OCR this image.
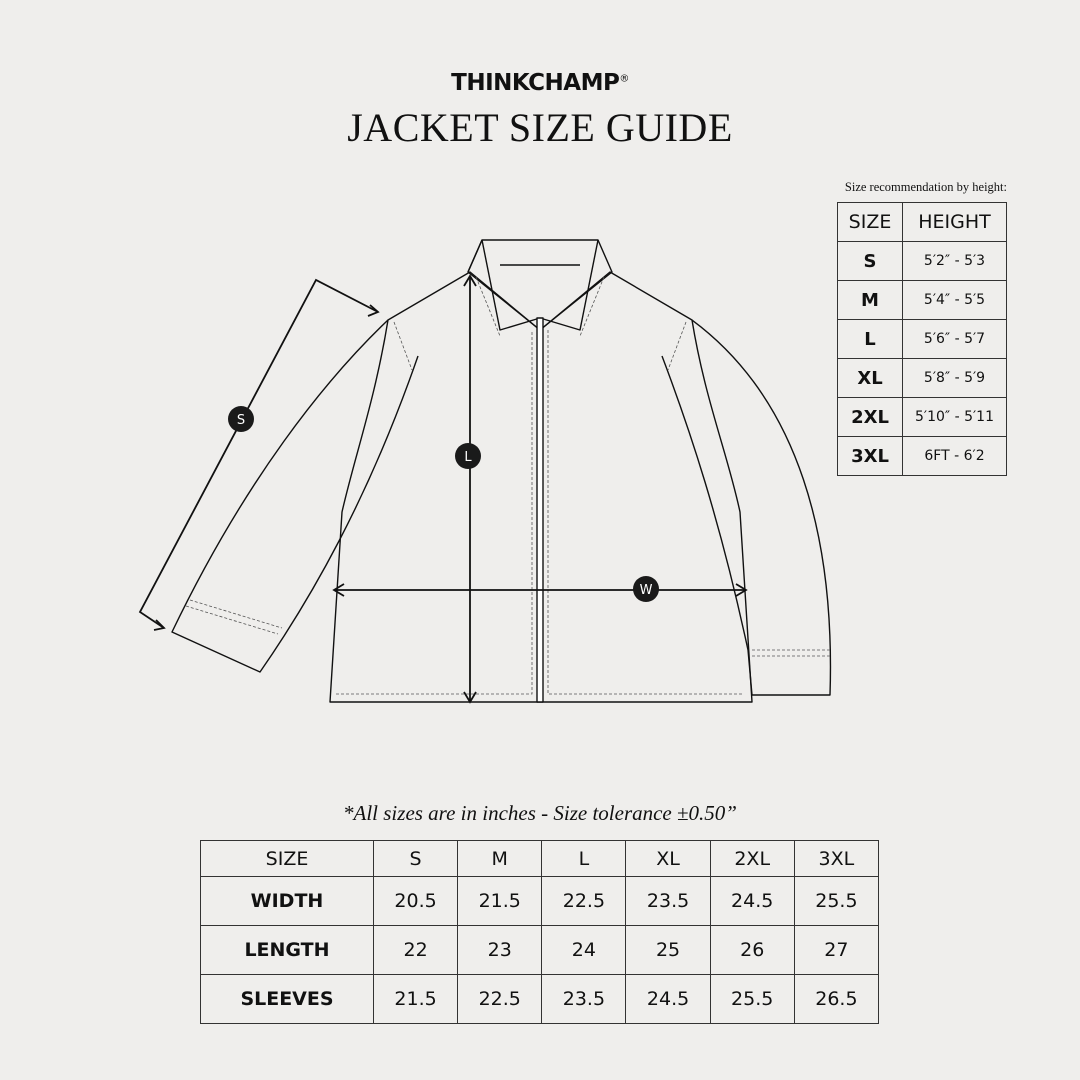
THINKCHAMP®
JACKET SIZE GUIDE
Size recommendation by height:
SIZE	HEIGHT
S	5′2″ - 5′3
M	5′4″ - 5′5
L	5′6″ - 5′7
XL	5′8″ - 5′9
2XL	5′10″ - 5′11
3XL	6FT - 6′2
S
L
W
*All sizes are in inches - Size tolerance ±0.50”
SIZE	S	M	L	XL	2XL	3XL
WIDTH	20.5	21.5	22.5	23.5	24.5	25.5
LENGTH	22	23	24	25	26	27
SLEEVES	21.5	22.5	23.5	24.5	25.5	26.5
